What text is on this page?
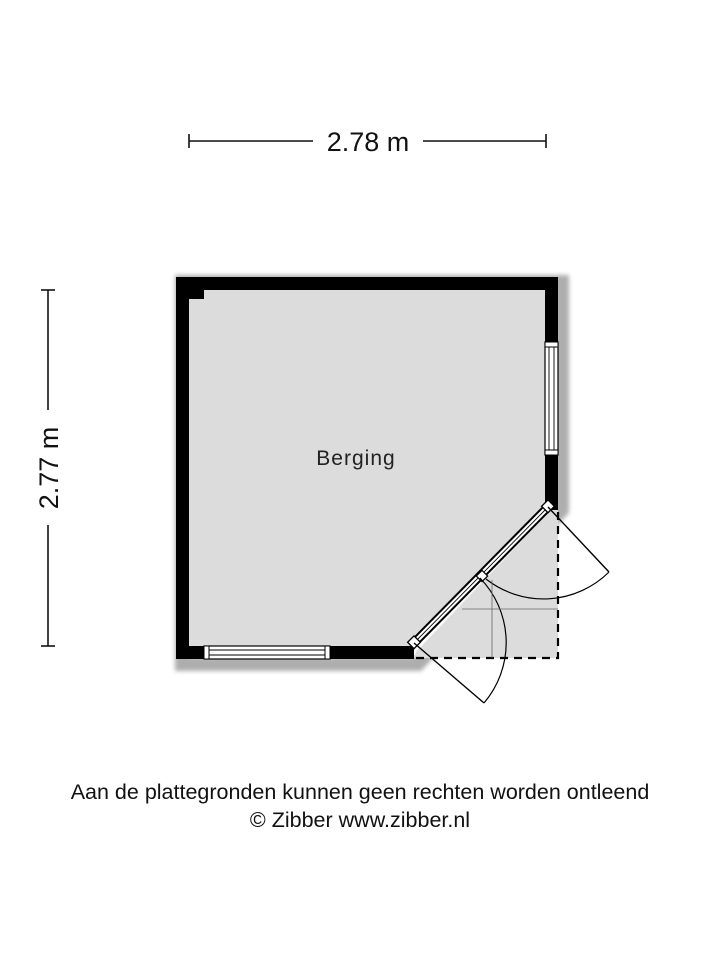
2.78 m
2.77 m	Berging
Aan de plattegronden kunnen geen rechten worden ontleend
© Zibber www.zibber.nl
